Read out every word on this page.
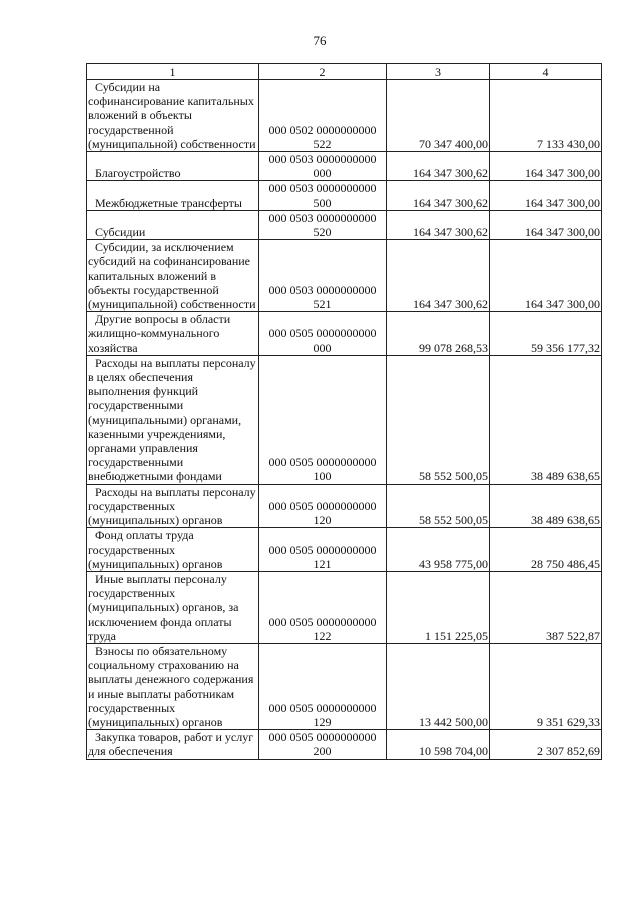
76
1	2	3	4

Субсидии на софинансирование капитальных вложений в объекты государственной (муниципальной) собственности	000 0502 0000000000 522	70 347 400,00	7 133 430,00

Благоустройство	000 0503 0000000000 000	164 347 300,62	164 347 300,00

Межбюджетные трансферты	000 0503 0000000000 500	164 347 300,62	164 347 300,00

Субсидии	000 0503 0000000000 520	164 347 300,62	164 347 300,00

Субсидии, за исключением субсидий на софинансирование капитальных вложений в объекты государственной (муниципальной) собственности	000 0503 0000000000 521	164 347 300,62	164 347 300,00

Другие вопросы в области жилищно-коммунального хозяйства	000 0505 0000000000 000	99 078 268,53	59 356 177,32

Расходы на выплаты персоналу в целях обеспечения выполнения функций государственными (муниципальными) органами, казенными учреждениями, органами управления государственными внебюджетными фондами	000 0505 0000000000 100	58 552 500,05	38 489 638,65

Расходы на выплаты персоналу государственных (муниципальных) органов	000 0505 0000000000 120	58 552 500,05	38 489 638,65

Фонд оплаты труда государственных (муниципальных) органов	000 0505 0000000000 121	43 958 775,00	28 750 486,45

Иные выплаты персоналу государственных (муниципальных) органов, за исключением фонда оплаты труда	000 0505 0000000000 122	1 151 225,05	387 522,87

Взносы по обязательному социальному страхованию на выплаты денежного содержания и иные выплаты работникам государственных (муниципальных) органов	000 0505 0000000000 129	13 442 500,00	9 351 629,33

Закупка товаров, работ и услуг для обеспечения	000 0505 0000000000 200	10 598 704,00	2 307 852,69
